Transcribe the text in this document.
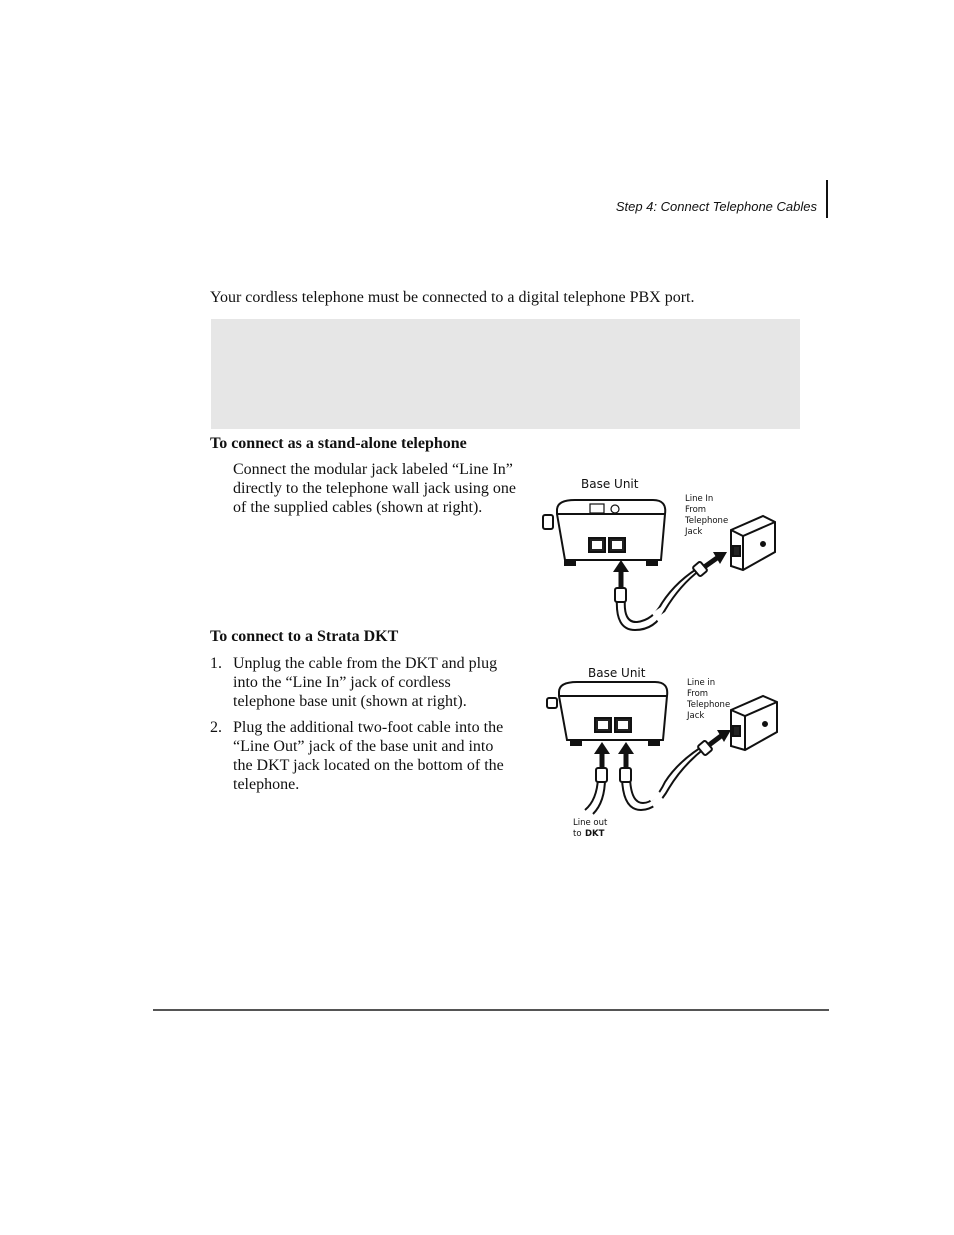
Step 4: Connect Telephone Cables
Your cordless telephone must be connected to a digital telephone PBX port.
To connect as a stand-alone telephone
Connect the modular jack labeled “Line In” directly to the telephone wall jack using one of the supplied cables (shown at right).
Base Unit
Line In
From
Telephone
Jack
To connect to a Strata DKT
1. Unplug the cable from the DKT and plug into the “Line In” jack of cordless telephone base unit (shown at right).
2. Plug the additional two-foot cable into the “Line Out” jack of the base unit and into the DKT jack located on the bottom of the telephone.
Base Unit
Line in
From
Telephone
Jack
Line out
to DKT
